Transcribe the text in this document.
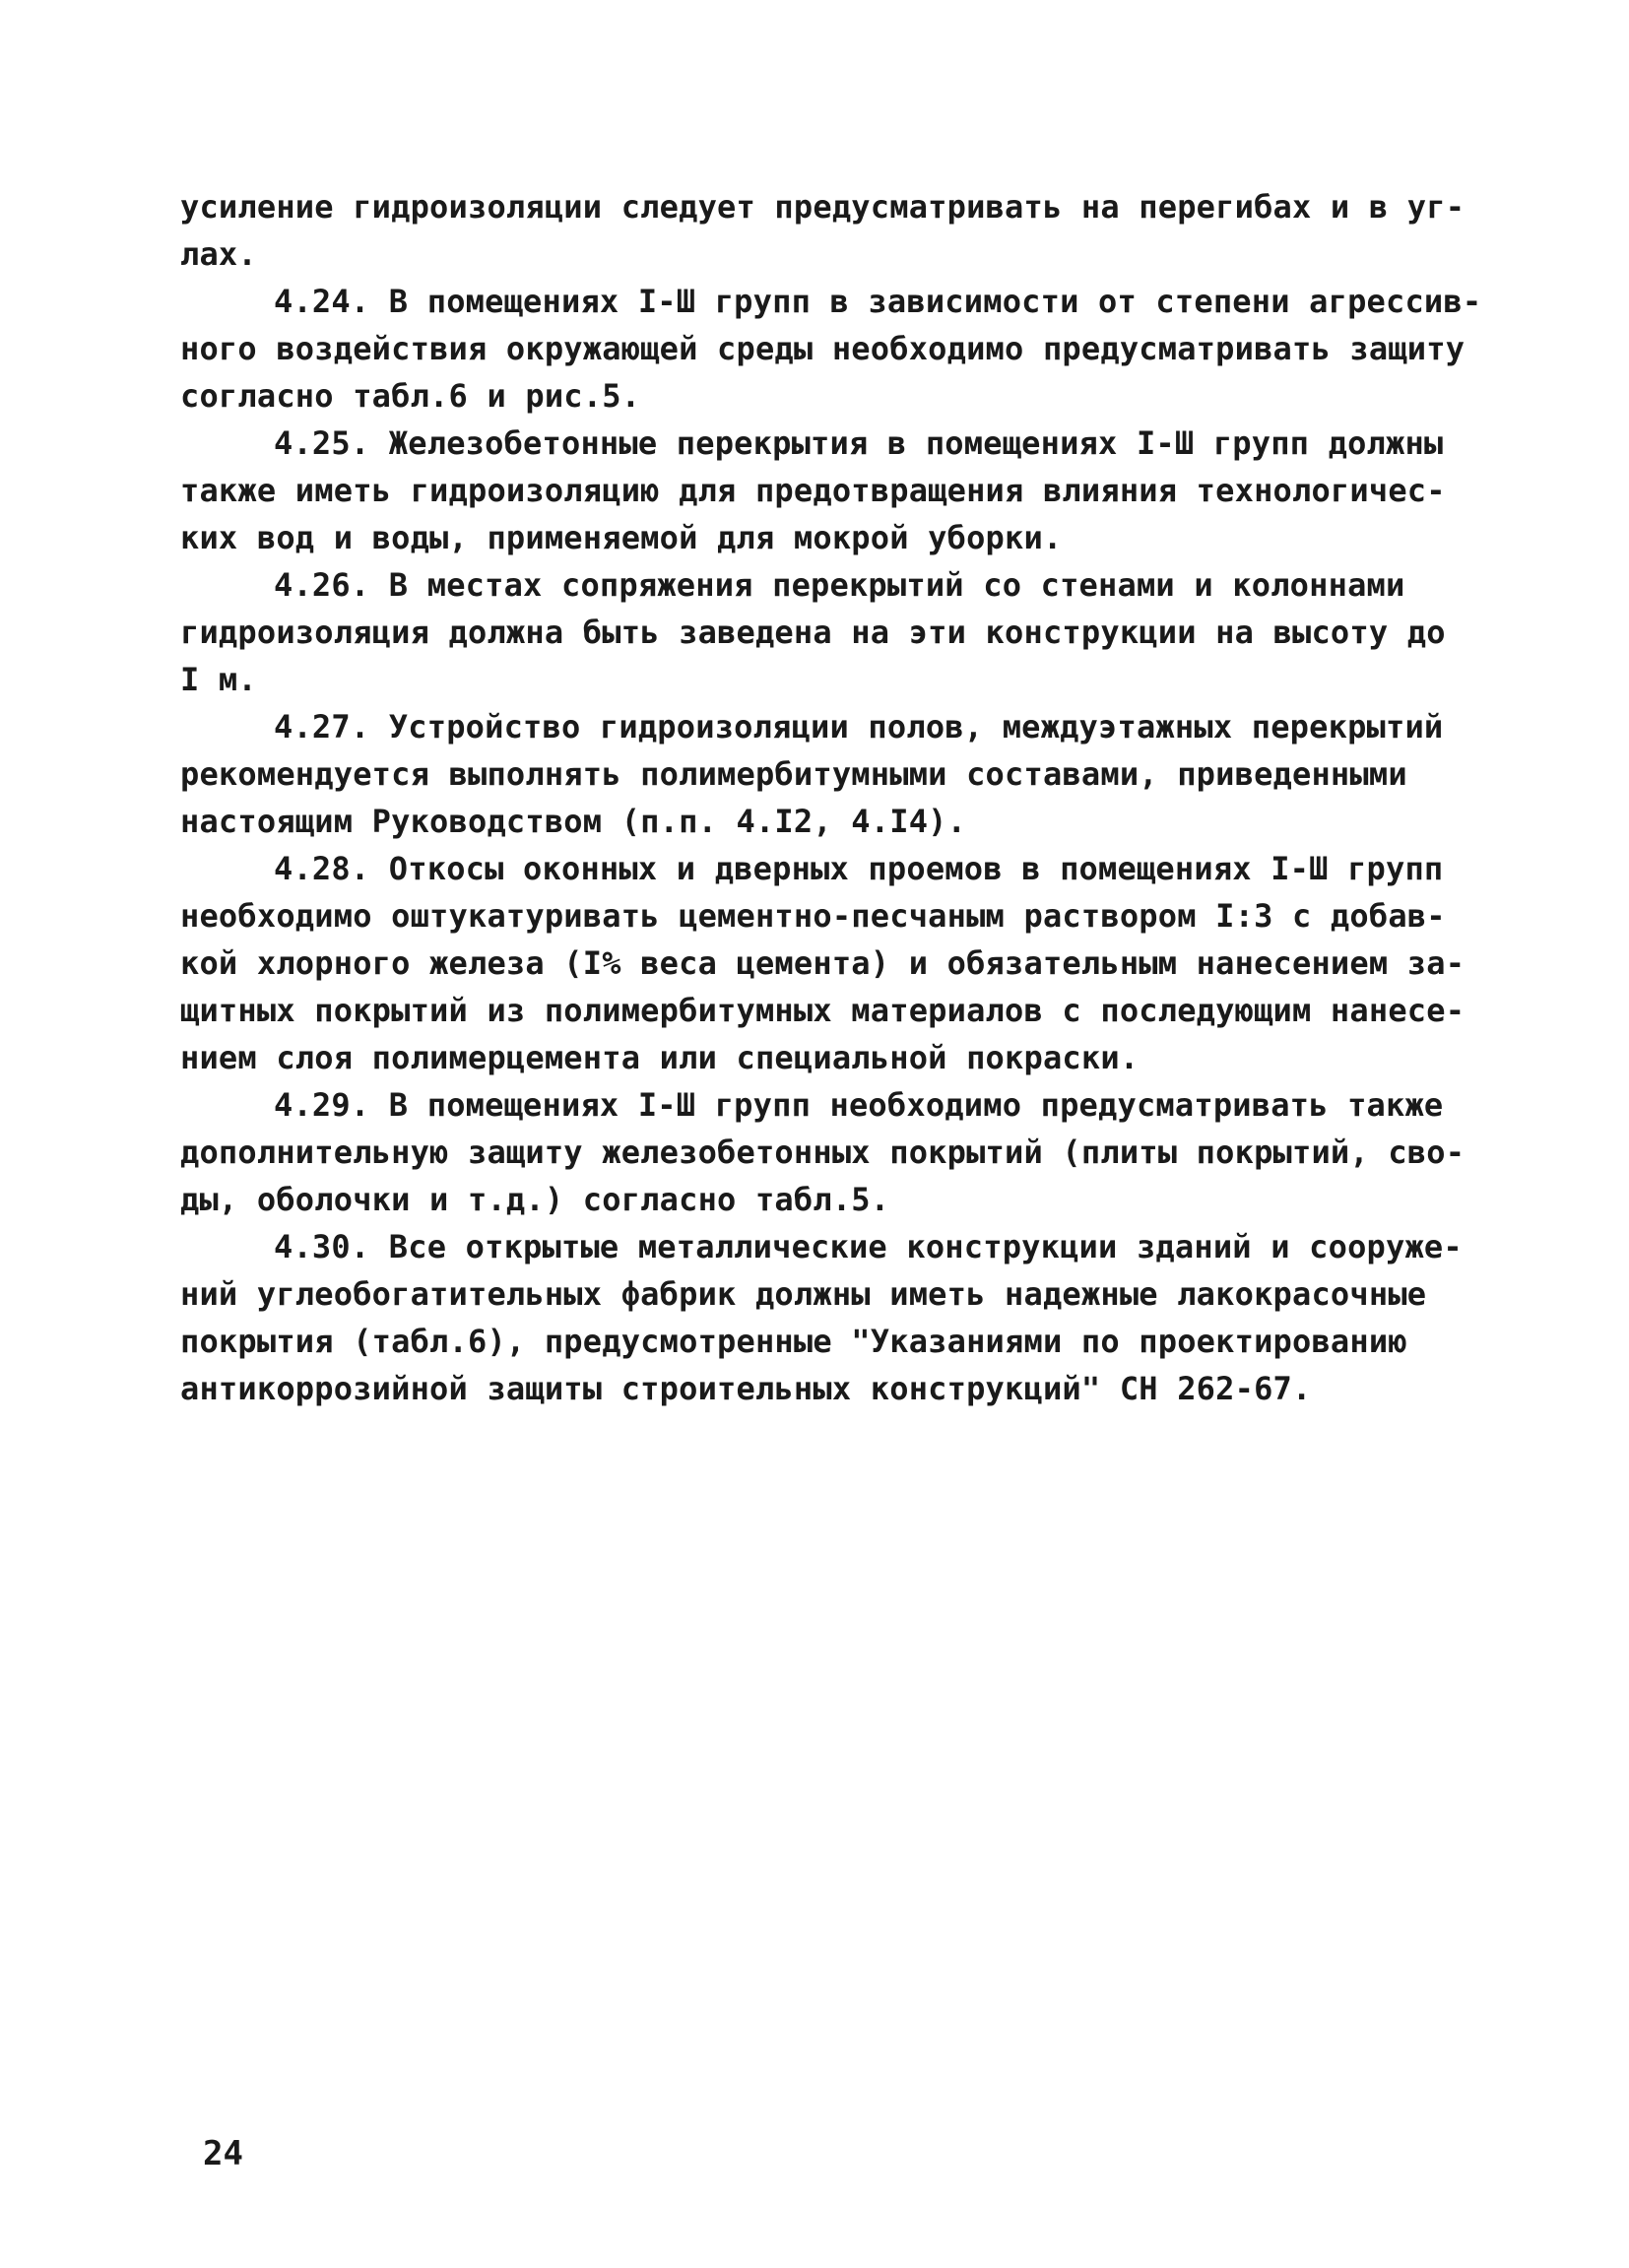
усиление гидроизоляции следует предусматривать на перегибах и в уг-
лах.
4.24. В помещениях I-Ш групп в зависимости от степени агрессив-
ного воздействия окружающей среды необходимо предусматривать защиту
согласно табл.6 и рис.5.
4.25. Железобетонные перекрытия в помещениях I-Ш групп должны
также иметь гидроизоляцию для предотвращения влияния технологичес-
ких вод и воды, применяемой для мокрой уборки.
4.26. В местах сопряжения перекрытий со стенами и колоннами
гидроизоляция должна быть заведена на эти конструкции на высоту до
I м.
4.27. Устройство гидроизоляции полов, междуэтажных перекрытий
рекомендуется выполнять полимербитумными составами, приведенными
настоящим Руководством (п.п. 4.I2, 4.I4).
4.28. Откосы оконных и дверных проемов в помещениях I-Ш групп
необходимо оштукатуривать цементно-песчаным раствором I:3 с добав-
кой хлорного железа (I% веса цемента) и обязательным нанесением за-
щитных покрытий из полимербитумных материалов с последующим нанесе-
нием слоя полимерцемента или специальной покраски.
4.29. В помещениях I-Ш групп необходимо предусматривать также
дополнительную защиту железобетонных покрытий (плиты покрытий, сво-
ды, оболочки и т.д.) согласно табл.5.
4.30. Все открытые металлические конструкции зданий и сооруже-
ний углеобогатительных фабрик должны иметь надежные лакокрасочные
покрытия (табл.6), предусмотренные "Указаниями по проектированию
антикоррозийной защиты строительных конструкций" СН 262-67.
24
